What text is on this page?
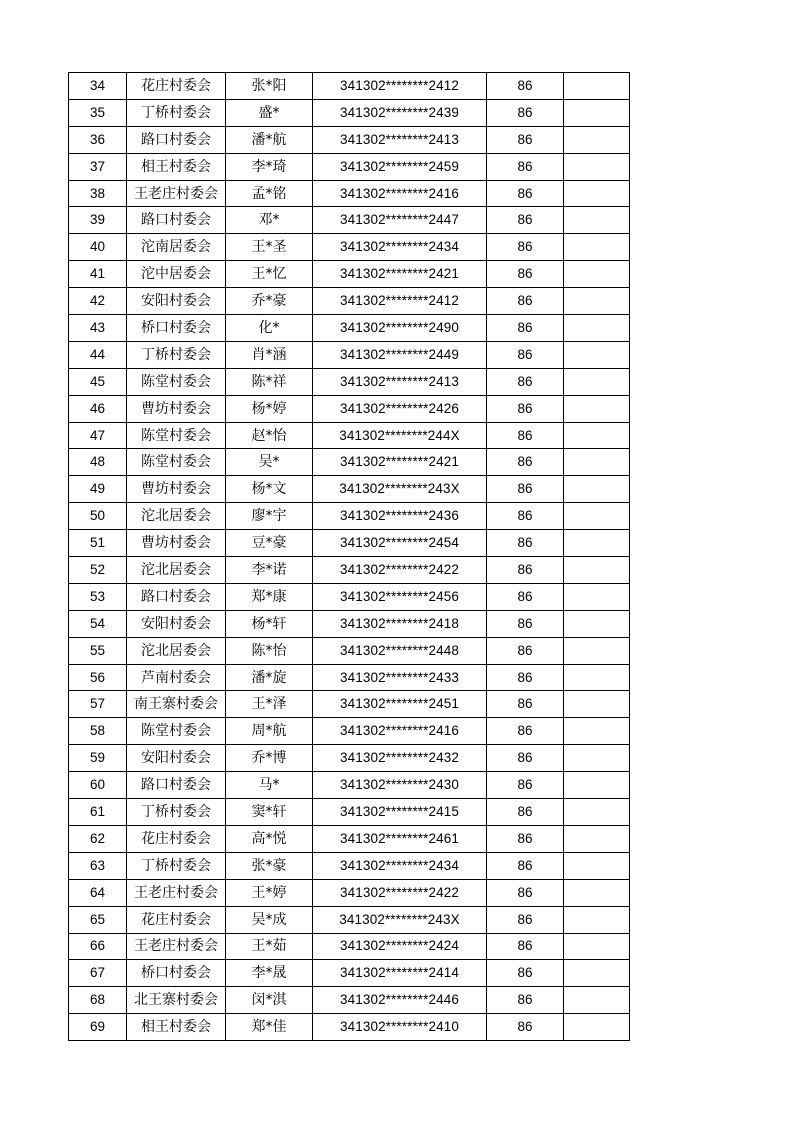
34	花庄村委会	张*阳	341302********2412	86	
35	丁桥村委会	盛*	341302********2439	86	
36	路口村委会	潘*航	341302********2413	86	
37	相王村委会	李*琦	341302********2459	86	
38	王老庄村委会	孟*铭	341302********2416	86	
39	路口村委会	邓*	341302********2447	86	
40	沱南居委会	王*圣	341302********2434	86	
41	沱中居委会	王*忆	341302********2421	86	
42	安阳村委会	乔*豪	341302********2412	86	
43	桥口村委会	化*	341302********2490	86	
44	丁桥村委会	肖*涵	341302********2449	86	
45	陈堂村委会	陈*祥	341302********2413	86	
46	曹坊村委会	杨*婷	341302********2426	86	
47	陈堂村委会	赵*怡	341302********244X	86	
48	陈堂村委会	吴*	341302********2421	86	
49	曹坊村委会	杨*文	341302********243X	86	
50	沱北居委会	廖*宇	341302********2436	86	
51	曹坊村委会	豆*豪	341302********2454	86	
52	沱北居委会	李*诺	341302********2422	86	
53	路口村委会	郑*康	341302********2456	86	
54	安阳村委会	杨*轩	341302********2418	86	
55	沱北居委会	陈*怡	341302********2448	86	
56	芦南村委会	潘*旋	341302********2433	86	
57	南王寨村委会	王*泽	341302********2451	86	
58	陈堂村委会	周*航	341302********2416	86	
59	安阳村委会	乔*博	341302********2432	86	
60	路口村委会	马*	341302********2430	86	
61	丁桥村委会	窦*轩	341302********2415	86	
62	花庄村委会	高*悦	341302********2461	86	
63	丁桥村委会	张*豪	341302********2434	86	
64	王老庄村委会	王*婷	341302********2422	86	
65	花庄村委会	吴*成	341302********243X	86	
66	王老庄村委会	王*茹	341302********2424	86	
67	桥口村委会	李*晟	341302********2414	86	
68	北王寨村委会	闵*淇	341302********2446	86	
69	相王村委会	郑*佳	341302********2410	86	
